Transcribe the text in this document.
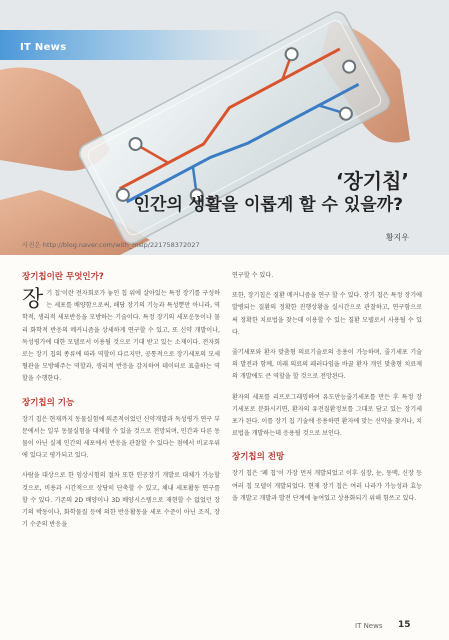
IT News
‘장기칩’
인간의 생활을 이롭게 할 수 있을까?
사진은 http://blog.naver.com/with_msip/221758372027
황지우
장기칩이란 무엇인가?

장기 칩’이란 전자회로가 놓인 칩 위에 살아있는 특정 장기를 구성하는 세포를 배양함으로써, 해당 장기의 기능과 특성뿐만 아니라, 역학적, 생리적 세포반응을 모방하는 기술이다. 특정 장기의 세포운동이나 물리 화학적 반응의 메커니즘을 상세하게 연구할 수 있고, 또 신약 개발이나, 독성평가에 대한 모델로서 이용될 것으로 기대 받고 있는 소재이다. 전자회로는 장기 칩의 종류에 따라 역할이 다르지만, 공통적으로 장기세포의 모세혈관을 모방해주는 역할과, 생리적 반응을 감지하여 데이터로 표출하는 역할을 수행한다.

장기칩의 기능

장기 칩은 현재까지 동물실험에 의존적이었던 신약개발과 독성평가 연구 부문에서는 일부 동물실험을 대체할 수 있을 것으로 전망되며, 인간과 다른 동물이 아닌 실제 인간의 세포에서 반응을 관찰할 수 있다는 점에서 비교우위에 있다고 평가되고 있다.

사람을 대상으로 한 임상시험의 절차 또한 인공장기 개발로 대체가 가능할 것으로, 비용과 시간적으로 상당히 단축할 수 있고, 체내 세포활동 연구를 할 수 있다. 기존의 2D 배양이나 3D 배양시스템으로 재현할 수 없었던 장기의 박동이나, 화학물질 등에 의한 반응활동을 세포 수준이 아닌 조직, 장기 수준의 반응을

연구할 수 있다.

또한, 장기칩은 질환 메커니즘을 연구 할 수 있다. 장기 칩은 특정 장기에 발병되는 질환의 정확한 진행상황을 실시간으로 관찰하고, 연구함으로써 정확한 치료법을 찾는데 이용할 수 있는 질환 모델로서 사용될 수 있다.

줄기세포와 환자 맞춤형 의료기술로의 응용이 가능하며, 줄기세포 기술의 발전과 함께, 미래 의료의 패러다임을 바꿀 환자 개인 맞춤형 치료제의 개발에도 큰 역할을 할 것으로 전망된다.

환자의 세포를 리프로그래밍하여 유도만능줄기세포를 만든 후 특정 장기세포로 분화시키면, 환자의 유전질환정보를 그대로 담고 있는 장기세포가 된다. 이를 장기 칩 기술에 응용하면 환자에 맞는 신약을 찾거나, 치료법을 개발하는데 응용될 것으로 보인다.

장기칩의 전망

장기 칩은 ‘폐 칩’이 가장 먼저 개발되었고 이후 심장, 눈, 동맥, 신장 등 여러 칩 모델이 개발되었다. 현재 장기 칩은 여러 나라가 가능성과 효능을 개발고 개발과 발전 단계에 놓여있고 상용화되기 위해 힘쓰고 있다.

IT News 15
